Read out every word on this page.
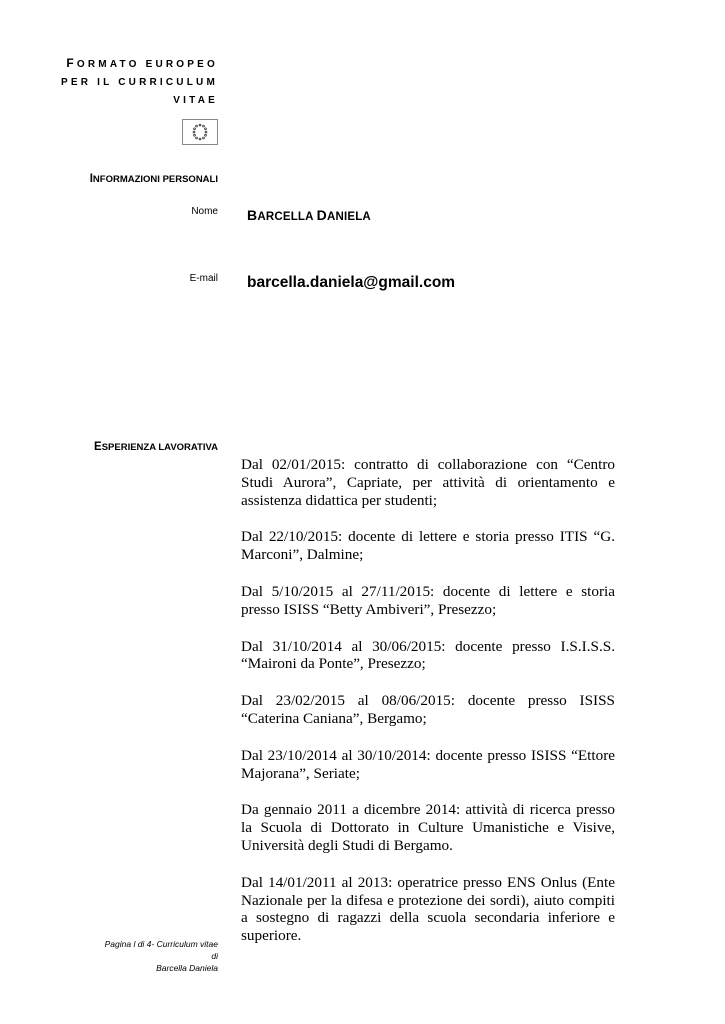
FORMATO EUROPEO
PER IL CURRICULUM
VITAE
INFORMAZIONI PERSONALI
Nome BARCELLA DANIELA
E-mail barcella.daniela@gmail.com
ESPERIENZA LAVORATIVA
Dal 02/01/2015: contratto di collaborazione con “Centro Studi Aurora”, Capriate, per attività di orientamento e assistenza didattica per studenti;
Dal 22/10/2015: docente di lettere e storia presso ITIS “G. Marconi”, Dalmine;
Dal 5/10/2015 al 27/11/2015: docente di lettere e storia presso ISISS “Betty Ambiveri”, Presezzo;
Dal 31/10/2014 al 30/06/2015: docente presso I.S.I.S.S. “Maironi da Ponte”, Presezzo;
Dal 23/02/2015 al 08/06/2015: docente presso ISISS “Caterina Caniana”, Bergamo;
Dal 23/10/2014 al 30/10/2014: docente presso ISISS “Ettore Majorana”, Seriate;
Da gennaio 2011 a dicembre 2014: attività di ricerca presso la Scuola di Dottorato in Culture Umanistiche e Visive, Università degli Studi di Bergamo.
Dal 14/01/2011 al 2013: operatrice presso ENS Onlus (Ente Nazionale per la difesa e protezione dei sordi), aiuto compiti a sostegno di ragazzi della scuola secondaria inferiore e superiore.
Pagina l di 4- Curriculum vitae
di
Barcella Daniela
